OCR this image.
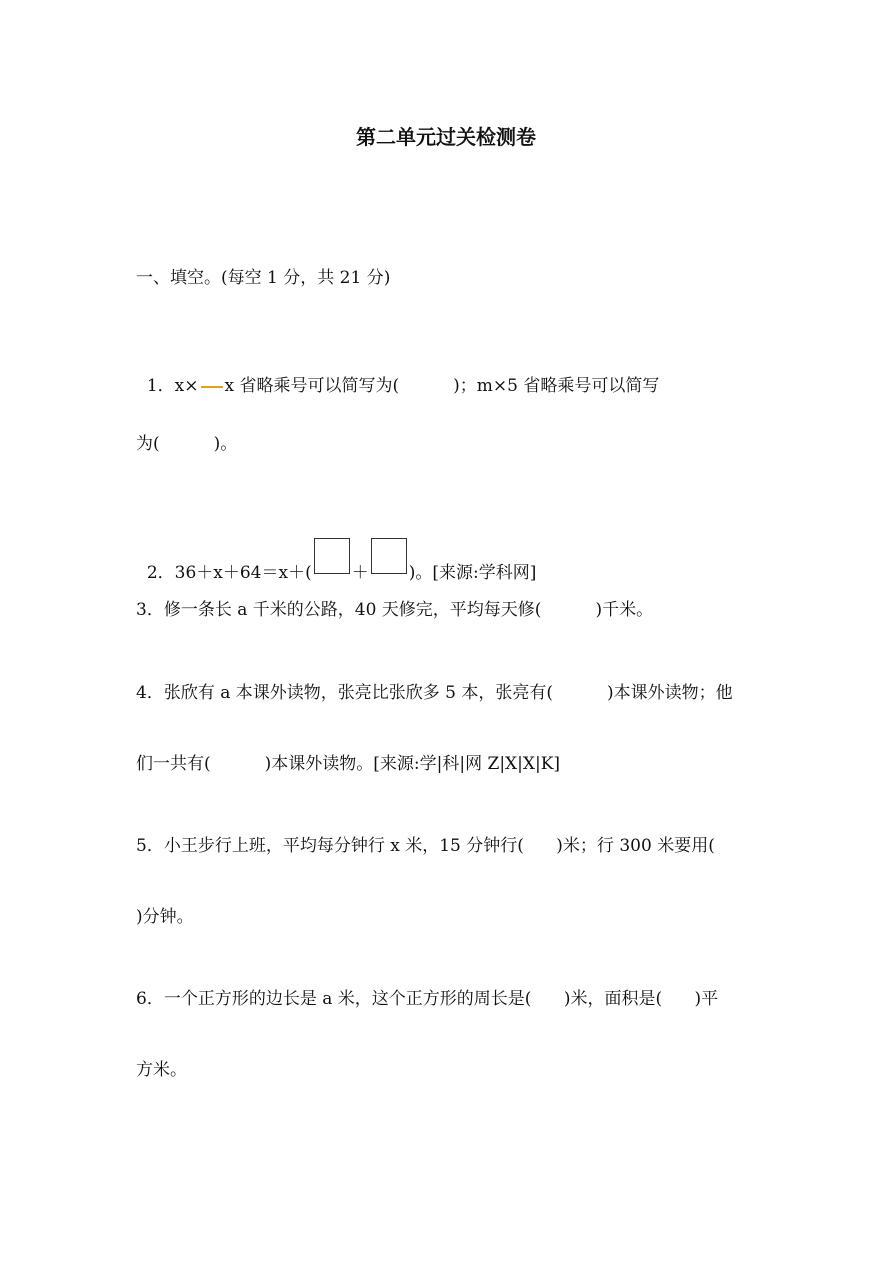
第二单元过关检测卷
一、填空。(每空 1 分，共 21 分)

1．x× x 省略乘号可以简写为(          )；m×5 省略乘号可以简写

为(          )。

2．36＋x＋64＝x＋( ＋ )。[来源:学科网]

3．修一条长 a 千米的公路，40 天修完，平均每天修(          )千米。
4．张欣有 a 本课外读物，张亮比张欣多 5 本，张亮有(          )本课外读物；他
们一共有(          )本课外读物。[来源:学|科|网 Z|X|X|K]
5．小王步行上班，平均每分钟行 x 米，15 分钟行(      )米；行 300 米要用(
)分钟。
6．一个正方形的边长是 a 米，这个正方形的周长是(      )米，面积是(      )平
方米。
